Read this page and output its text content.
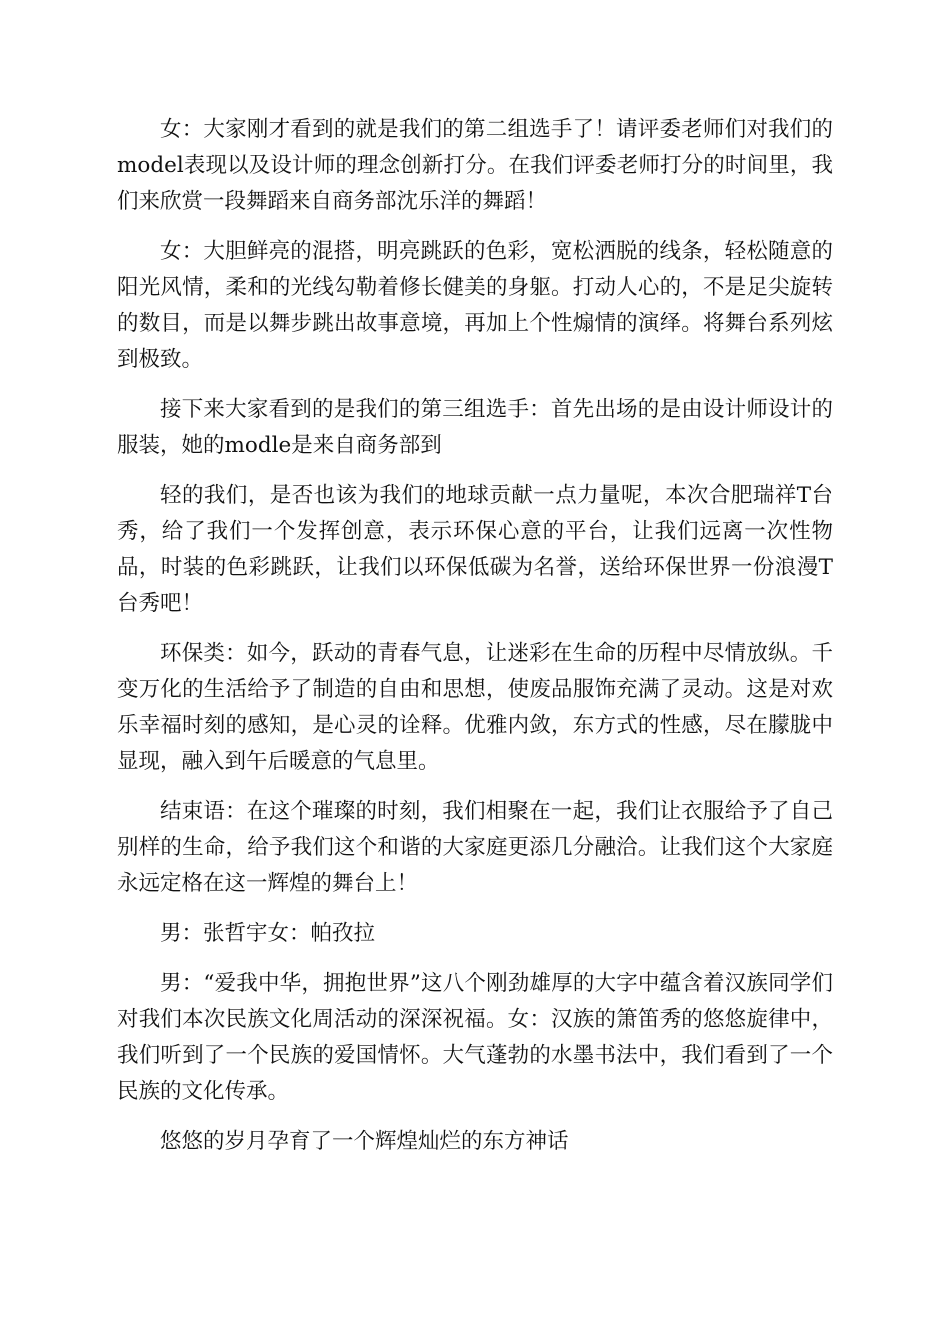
女：大家刚才看到的就是我们的第二组选手了！请评委老师们对我们的model表现以及设计师的理念创新打分。在我们评委老师打分的时间里，我们来欣赏一段舞蹈来自商务部沈乐洋的舞蹈！

女：大胆鲜亮的混搭，明亮跳跃的色彩，宽松洒脱的线条，轻松随意的阳光风情，柔和的光线勾勒着修长健美的身躯。打动人心的，不是足尖旋转的数目，而是以舞步跳出故事意境，再加上个性煽情的演绎。将舞台系列炫到极致。

接下来大家看到的是我们的第三组选手：首先出场的是由设计师设计的服装，她的modle是来自商务部到

轻的我们，是否也该为我们的地球贡献一点力量呢，本次合肥瑞祥T台秀，给了我们一个发挥创意，表示环保心意的平台，让我们远离一次性物品，时装的色彩跳跃，让我们以环保低碳为名誉，送给环保世界一份浪漫T台秀吧！

环保类：如今，跃动的青春气息，让迷彩在生命的历程中尽情放纵。千变万化的生活给予了制造的自由和思想，使废品服饰充满了灵动。这是对欢乐幸福时刻的感知，是心灵的诠释。优雅内敛，东方式的性感，尽在朦胧中显现，融入到午后暖意的气息里。

结束语：在这个璀璨的时刻，我们相聚在一起，我们让衣服给予了自己别样的生命，给予我们这个和谐的大家庭更添几分融洽。让我们这个大家庭永远定格在这一辉煌的舞台上！

男：张哲宇女：帕孜拉

男：“爱我中华，拥抱世界”这八个刚劲雄厚的大字中蕴含着汉族同学们对我们本次民族文化周活动的深深祝福。女：汉族的箫笛秀的悠悠旋律中，我们听到了一个民族的爱国情怀。大气蓬勃的水墨书法中，我们看到了一个民族的文化传承。

悠悠的岁月孕育了一个辉煌灿烂的东方神话
